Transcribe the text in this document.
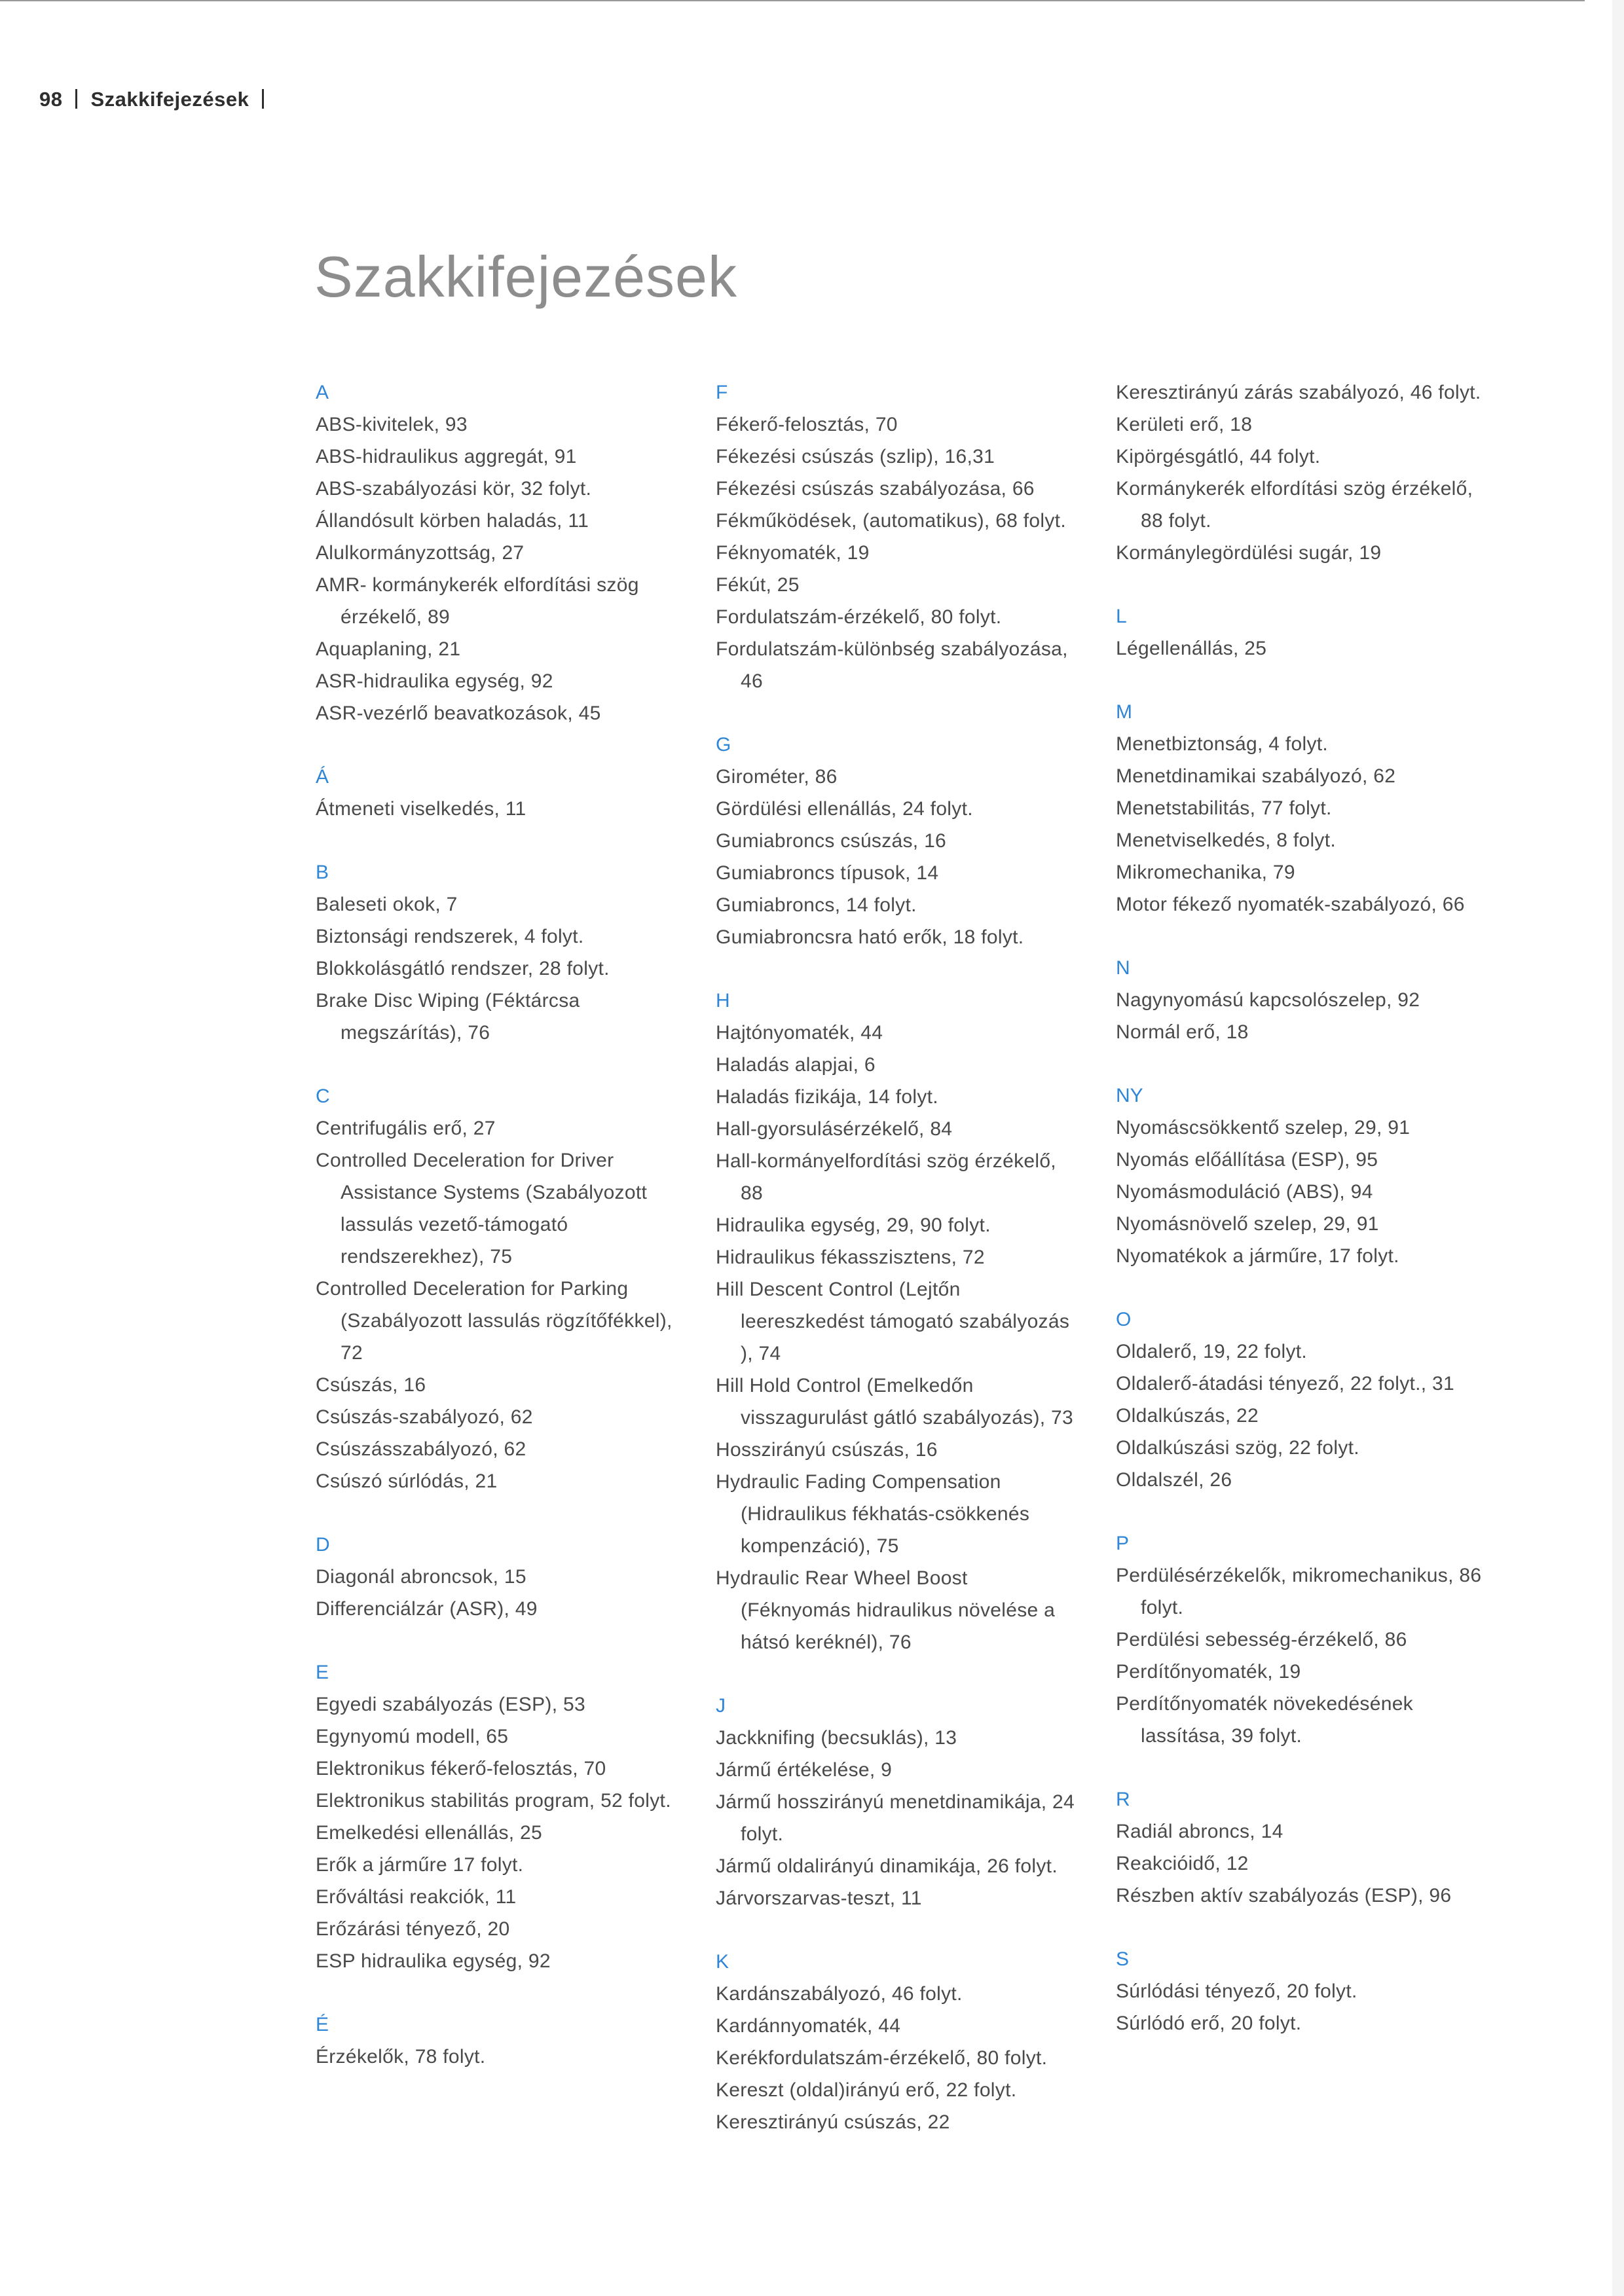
98 Szakkifejezések
Szakkifejezések
A
ABS-kivitelek, 93
ABS-hidraulikus aggregát, 91
ABS-szabályozási kör, 32 folyt.
Állandósult körben haladás, 11
Alulkormányzottság, 27
AMR- kormánykerék elfordítási szög érzékelő, 89
Aquaplaning, 21
ASR-hidraulika egység, 92
ASR-vezérlő beavatkozások, 45
Á
Átmeneti viselkedés, 11
B
Baleseti okok, 7
Biztonsági rendszerek, 4 folyt.
Blokkolásgátló rendszer, 28 folyt.
Brake Disc Wiping (Féktárcsa megszárítás), 76
C
Centrifugális erő, 27
Controlled Deceleration for Driver Assistance Systems (Szabályozott lassulás vezető-támogató rendszerekhez), 75
Controlled Deceleration for Parking (Szabályozott lassulás rögzítőfékkel), 72
Csúszás, 16
Csúszás-szabályozó, 62
Csúszásszabályozó, 62
Csúszó súrlódás, 21
D
Diagonál abroncsok, 15
Differenciálzár (ASR), 49
E
Egyedi szabályozás (ESP), 53
Egynyomú modell, 65
Elektronikus fékerő-felosztás, 70
Elektronikus stabilitás program, 52 folyt.
Emelkedési ellenállás, 25
Erők a járműre 17 folyt.
Erőváltási reakciók, 11
Erőzárási tényező, 20
ESP hidraulika egység, 92
É
Érzékelők, 78 folyt.
F
Fékerő-felosztás, 70
Fékezési csúszás (szlip), 16,31
Fékezési csúszás szabályozása, 66
Fékműködések, (automatikus), 68 folyt.
Féknyomaték, 19
Fékút, 25
Fordulatszám-érzékelő, 80 folyt.
Fordulatszám-különbség szabályozása, 46
G
Girométer, 86
Gördülési ellenállás, 24 folyt.
Gumiabroncs csúszás, 16
Gumiabroncs típusok, 14
Gumiabroncs, 14 folyt.
Gumiabroncsra ható erők, 18 folyt.
H
Hajtónyomaték, 44
Haladás alapjai, 6
Haladás fizikája, 14 folyt.
Hall-gyorsulásérzékelő, 84
Hall-kormányelfordítási szög érzékelő, 88
Hidraulika egység, 29, 90 folyt.
Hidraulikus fékasszisztens, 72
Hill Descent Control (Lejtőn leereszkedést támogató szabályozás ), 74
Hill Hold Control (Emelkedőn visszagurulást gátló szabályozás), 73
Hosszirányú csúszás, 16
Hydraulic Fading Compensation (Hidraulikus fékhatás-csökkenés kompenzáció), 75
Hydraulic Rear Wheel Boost (Féknyomás hidraulikus növelése a hátsó keréknél), 76
J
Jackknifing (becsuklás), 13
Jármű értékelése, 9
Jármű hosszirányú menetdinamikája, 24 folyt.
Jármű oldalirányú dinamikája, 26 folyt.
Járvorszarvas-teszt, 11
K
Kardánszabályozó, 46 folyt.
Kardánnyomaték, 44
Kerékfordulatszám-érzékelő, 80 folyt.
Kereszt (oldal)irányú erő, 22 folyt.
Keresztirányú csúszás, 22
Keresztirányú zárás szabályozó, 46 folyt.
Kerületi erő, 18
Kipörgésgátló, 44 folyt.
Kormánykerék elfordítási szög érzékelő, 88 folyt.
Kormánylegördülési sugár, 19
L
Légellenállás, 25
M
Menetbiztonság, 4 folyt.
Menetdinamikai szabályozó, 62
Menetstabilitás, 77 folyt.
Menetviselkedés, 8 folyt.
Mikromechanika, 79
Motor fékező nyomaték-szabályozó, 66
N
Nagynyomású kapcsolószelep, 92
Normál erő, 18
NY
Nyomáscsökkentő szelep, 29, 91
Nyomás előállítása (ESP), 95
Nyomásmoduláció (ABS), 94
Nyomásnövelő szelep, 29, 91
Nyomatékok a járműre, 17 folyt.
O
Oldalerő, 19, 22 folyt.
Oldalerő-átadási tényező, 22 folyt., 31
Oldalkúszás, 22
Oldalkúszási szög, 22 folyt.
Oldalszél, 26
P
Perdülésérzékelők, mikromechanikus, 86 folyt.
Perdülési sebesség-érzékelő, 86
Perdítőnyomaték, 19
Perdítőnyomaték növekedésének lassítása, 39 folyt.
R
Radiál abroncs, 14
Reakcióidő, 12
Részben aktív szabályozás (ESP), 96
S
Súrlódási tényező, 20 folyt.
Súrlódó erő, 20 folyt.
